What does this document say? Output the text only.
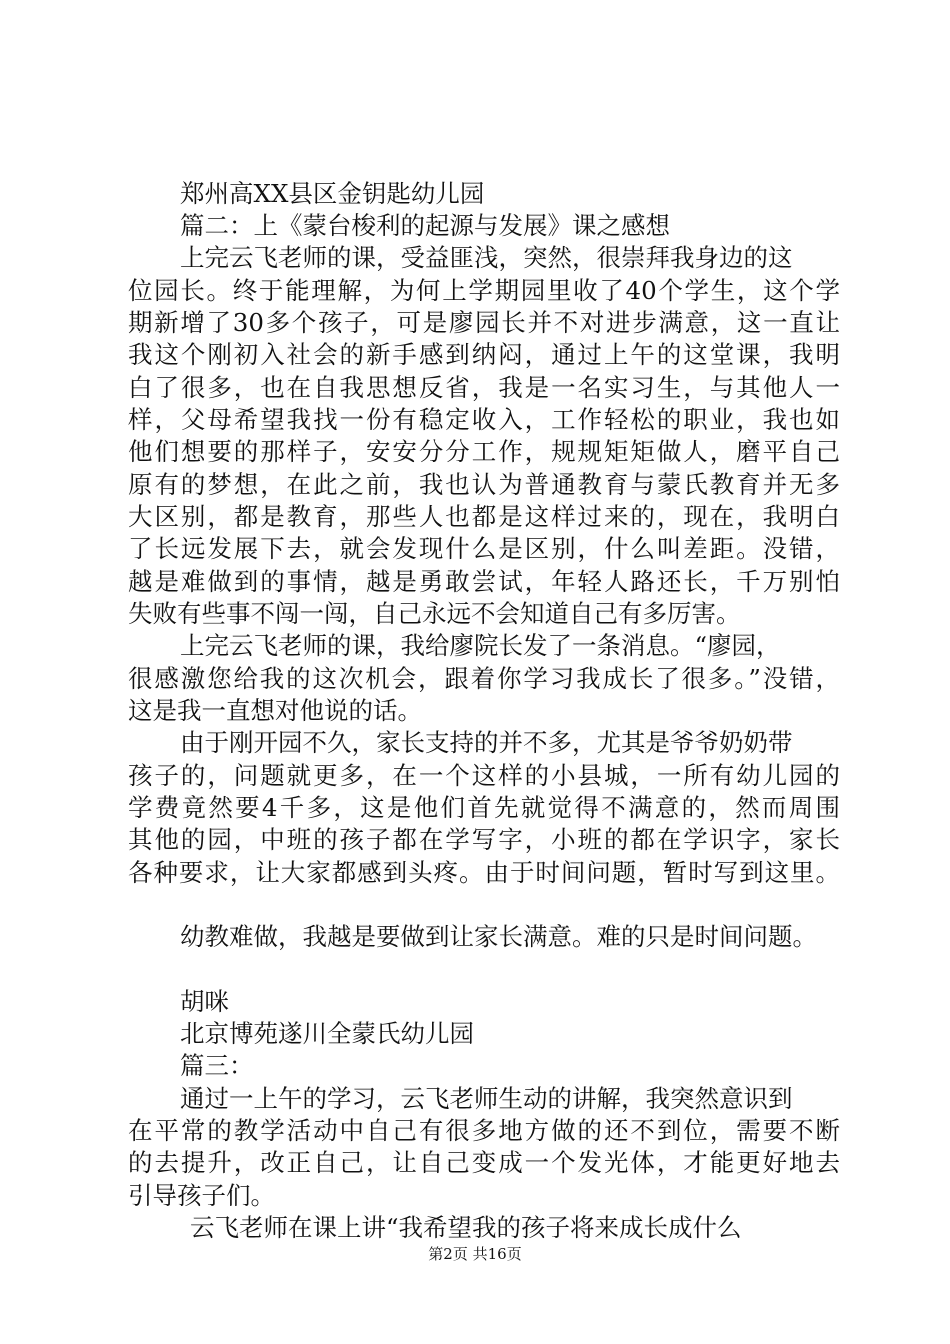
郑州高XX县区金钥匙幼儿园
篇二：上《蒙台梭利的起源与发展》课之感想
上完云飞老师的课，受益匪浅，突然，很崇拜我身边的这
位园长。终于能理解，为何上学期园里收了40个学生，这个学
期新增了30多个孩子，可是廖园长并不对进步满意，这一直让
我这个刚初入社会的新手感到纳闷，通过上午的这堂课，我明
白了很多，也在自我思想反省，我是一名实习生，与其他人一
样，父母希望我找一份有稳定收入，工作轻松的职业，我也如
他们想要的那样子，安安分分工作，规规矩矩做人，磨平自己
原有的梦想，在此之前，我也认为普通教育与蒙氏教育并无多
大区别，都是教育，那些人也都是这样过来的，现在，我明白
了长远发展下去，就会发现什么是区别，什么叫差距。没错，
越是难做到的事情，越是勇敢尝试，年轻人路还长，千万别怕
失败有些事不闯一闯，自己永远不会知道自己有多厉害。
上完云飞老师的课，我给廖院长发了一条消息。“廖园，
很感激您给我的这次机会，跟着你学习我成长了很多。”没错，
这是我一直想对他说的话。
由于刚开园不久，家长支持的并不多，尤其是爷爷奶奶带
孩子的，问题就更多，在一个这样的小县城，一所有幼儿园的
学费竟然要4千多，这是他们首先就觉得不满意的，然而周围
其他的园，中班的孩子都在学写字，小班的都在学识字，家长
各种要求，让大家都感到头疼。由于时间问题，暂时写到这里。
幼教难做，我越是要做到让家长满意。难的只是时间问题。
胡咪
北京博苑遂川全蒙氏幼儿园
篇三：
通过一上午的学习，云飞老师生动的讲解，我突然意识到
在平常的教学活动中自己有很多地方做的还不到位，需要不断
的去提升，改正自己，让自己变成一个发光体，才能更好地去
引导孩子们。
云飞老师在课上讲“我希望我的孩子将来成长成什么
第2页 共16页
